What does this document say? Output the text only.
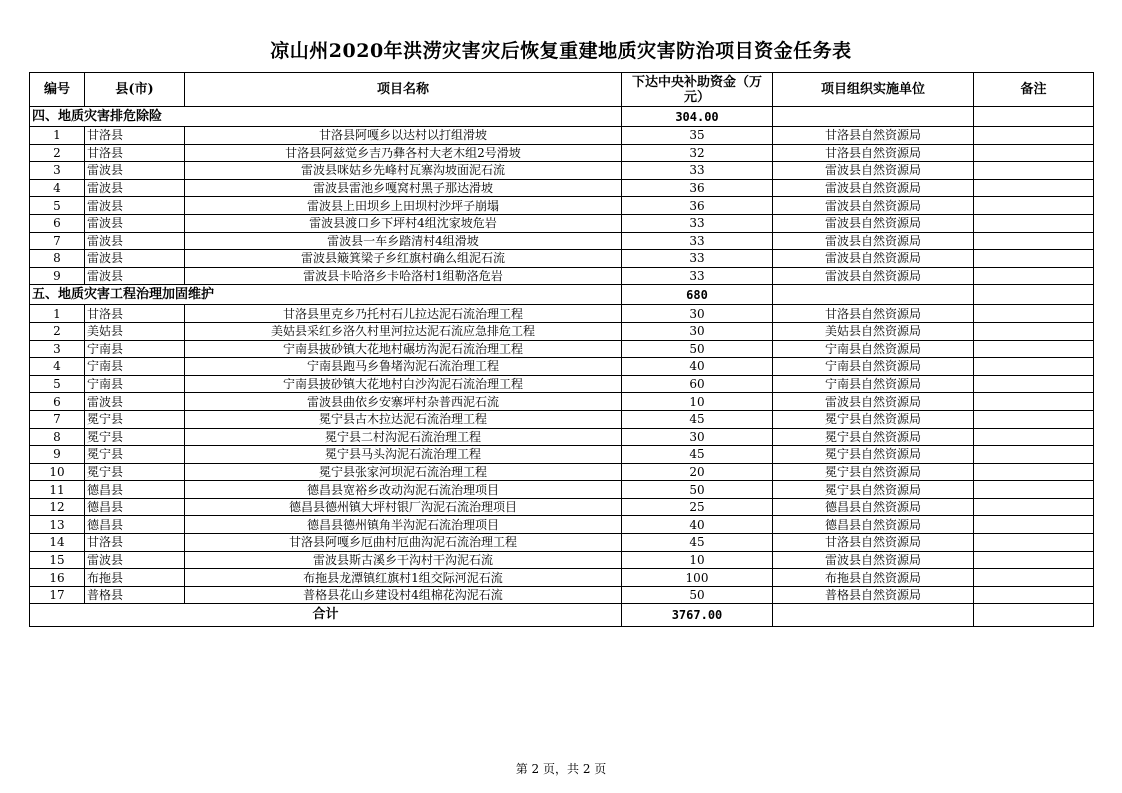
凉山州2020年洪涝灾害灾后恢复重建地质灾害防治项目资金任务表
编号	县(市)	项目名称	下达中央补助资金（万元）	项目组织实施单位	备注
四、地质灾害排危除险			304.00		
1	甘洛县	甘洛县阿嘎乡以达村以打组滑坡	35	甘洛县自然资源局	
2	甘洛县	甘洛县阿兹觉乡吉乃彝各村大老木组2号滑坡	32	甘洛县自然资源局	
3	雷波县	雷波县咪姑乡先峰村瓦寨沟坡面泥石流	33	雷波县自然资源局	
4	雷波县	雷波县雷池乡嘎窝村黑子那达滑坡	36	雷波县自然资源局	
5	雷波县	雷波县上田坝乡上田坝村沙坪子崩塌	36	雷波县自然资源局	
6	雷波县	雷波县渡口乡下坪村4组沈家坡危岩	33	雷波县自然资源局	
7	雷波县	雷波县一车乡踏清村4组滑坡	33	雷波县自然资源局	
8	雷波县	雷波县簸箕梁子乡红旗村确么组泥石流	33	雷波县自然资源局	
9	雷波县	雷波县卡哈洛乡卡哈洛村1组勒洛危岩	33	雷波县自然资源局	
五、地质灾害工程治理加固维护			680		
1	甘洛县	甘洛县里克乡乃托村石儿拉达泥石流治理工程	30	甘洛县自然资源局	
2	美姑县	美姑县采红乡洛久村里河拉达泥石流应急排危工程	30	美姑县自然资源局	
3	宁南县	宁南县披砂镇大花地村碾坊沟泥石流治理工程	50	宁南县自然资源局	
4	宁南县	宁南县跑马乡鲁堵沟泥石流治理工程	40	宁南县自然资源局	
5	宁南县	宁南县披砂镇大花地村白沙沟泥石流治理工程	60	宁南县自然资源局	
6	雷波县	雷波县曲依乡安寨坪村杂普西泥石流	10	雷波县自然资源局	
7	冕宁县	冕宁县古木拉达泥石流治理工程	45	冕宁县自然资源局	
8	冕宁县	冕宁县二村沟泥石流治理工程	30	冕宁县自然资源局	
9	冕宁县	冕宁县马头沟泥石流治理工程	45	冕宁县自然资源局	
10	冕宁县	冕宁县张家河坝泥石流治理工程	20	冕宁县自然资源局	
11	德昌县	德昌县宽裕乡改动沟泥石流治理项目	50	冕宁县自然资源局	
12	德昌县	德昌县德州镇大坪村银厂沟泥石流治理项目	25	德昌县自然资源局	
13	德昌县	德昌县德州镇角半沟泥石流治理项目	40	德昌县自然资源局	
14	甘洛县	甘洛县阿嘎乡厄曲村厄曲沟泥石流治理工程	45	甘洛县自然资源局	
15	雷波县	雷波县斯古溪乡干沟村干沟泥石流	10	雷波县自然资源局	
16	布拖县	布拖县龙潭镇红旗村1组交际河泥石流	100	布拖县自然资源局	
17	普格县	普格县花山乡建设村4组棉花沟泥石流	50	普格县自然资源局	
合计			3767.00		
第 2 页，共 2 页
